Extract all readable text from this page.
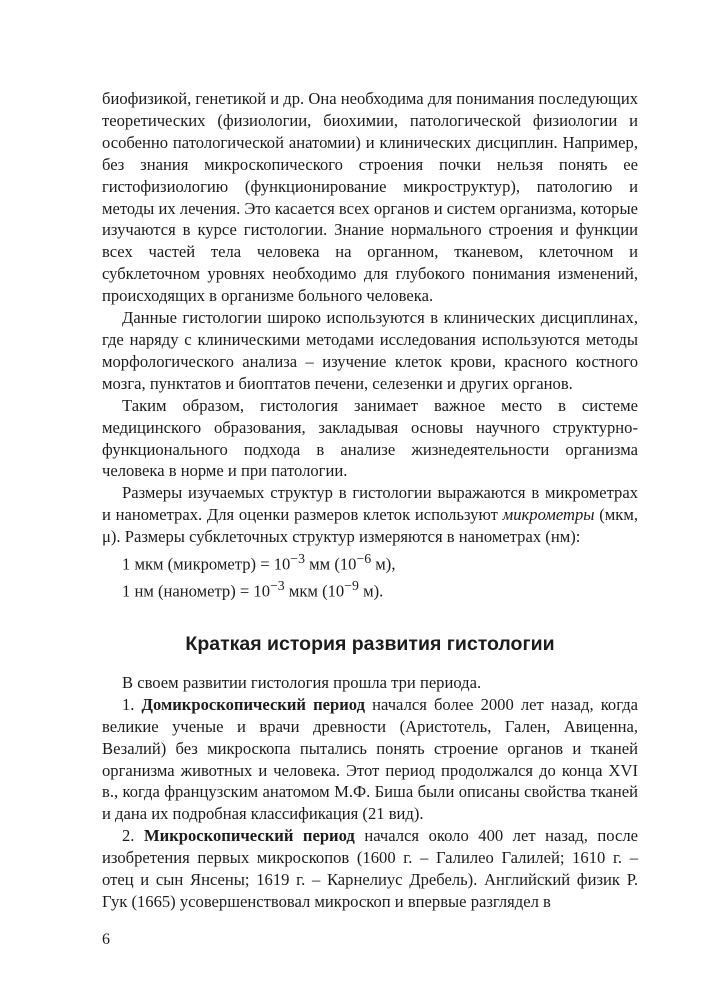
биофизикой, генетикой и др. Она необходима для понимания последующих теоретических (физиологии, биохимии, патологической физиологии и особенно патологической анатомии) и клинических дисциплин. Например, без знания микроскопического строения почки нельзя понять ее гистофизиологию (функционирование микроструктур), патологию и методы их лечения. Это касается всех органов и систем организма, которые изучаются в курсе гистологии. Знание нормального строения и функции всех частей тела человека на органном, тканевом, клеточном и субклеточном уровнях необходимо для глубокого понимания изменений, происходящих в организме больного человека.

Данные гистологии широко используются в клинических дисциплинах, где наряду с клиническими методами исследования используются методы морфологического анализа – изучение клеток крови, красного костного мозга, пунктатов и биоптатов печени, селезенки и других органов.

Таким образом, гистология занимает важное место в системе медицинского образования, закладывая основы научного структурно-функционального подхода в анализе жизнедеятельности организма человека в норме и при патологии.

Размеры изучаемых структур в гистологии выражаются в микрометрах и нанометрах. Для оценки размеров клеток используют микрометры (мкм, μ). Размеры субклеточных структур измеряются в нанометрах (нм):

1 мкм (микрометр) = $10^{-3}$ мм ($10^{-6}$ м),

1 нм (нанометр) = $10^{-3}$ мкм ($10^{-9}$ м).

Краткая история развития гистологии

В своем развитии гистология прошла три периода.

1. Домикроскопический период начался более 2000 лет назад, когда великие ученые и врачи древности (Аристотель, Гален, Авиценна, Везалий) без микроскопа пытались понять строение органов и тканей организма животных и человека. Этот период продолжался до конца XVI в., когда французским анатомом М.Ф. Биша были описаны свойства тканей и дана их подробная классификация (21 вид).

2. Микроскопический период начался около 400 лет назад, после изобретения первых микроскопов (1600 г. – Галилео Галилей; 1610 г. – отец и сын Янсены; 1619 г. – Карнелиус Дребель). Английский физик Р. Гук (1665) усовершенствовал микроскоп и впервые разглядел в

6
